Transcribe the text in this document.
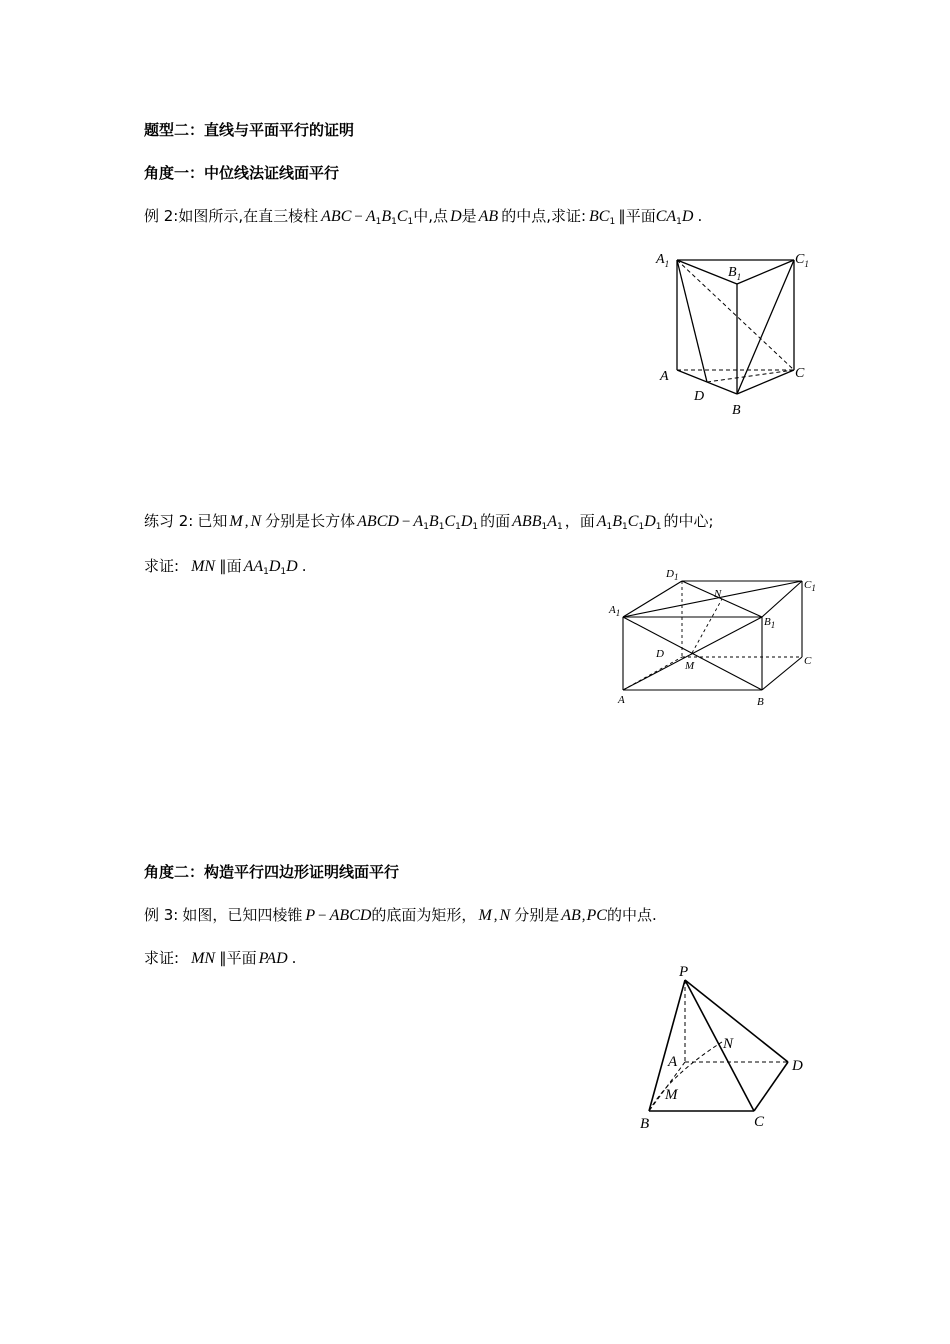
题型二：直线与平面平行的证明
角度一：中位线法证线面平行
例 2:如图所示,在直三棱柱 ABC − $A_1B_1C_1$中,点 D是 AB 的中点,求证: $BC_1$ ∥平面$CA_1D$ .
$A_1$
$B_1$
$C_1$
A	C
D
B
练习 2: 已知 M , N 分别是长方体 ABCD − $A_1B_1C_1D_1$ 的面 $ABB_1A_1$ ，面 $A_1B_1C_1D_1$ 的中心;
求证: MN ∥面 $AA_1D_1D$ .	$D_1$
N
$C_1$
$A_1$
$B_1$
D
M	C
A	B
角度二：构造平行四边形证明线面平行
例 3: 如图，已知四棱锥 P − ABCD的底面为矩形， M , N 分别是 AB,PC的中点.
求证: MN ∥平面 PAD .
P
A
N
D
M
B	C
